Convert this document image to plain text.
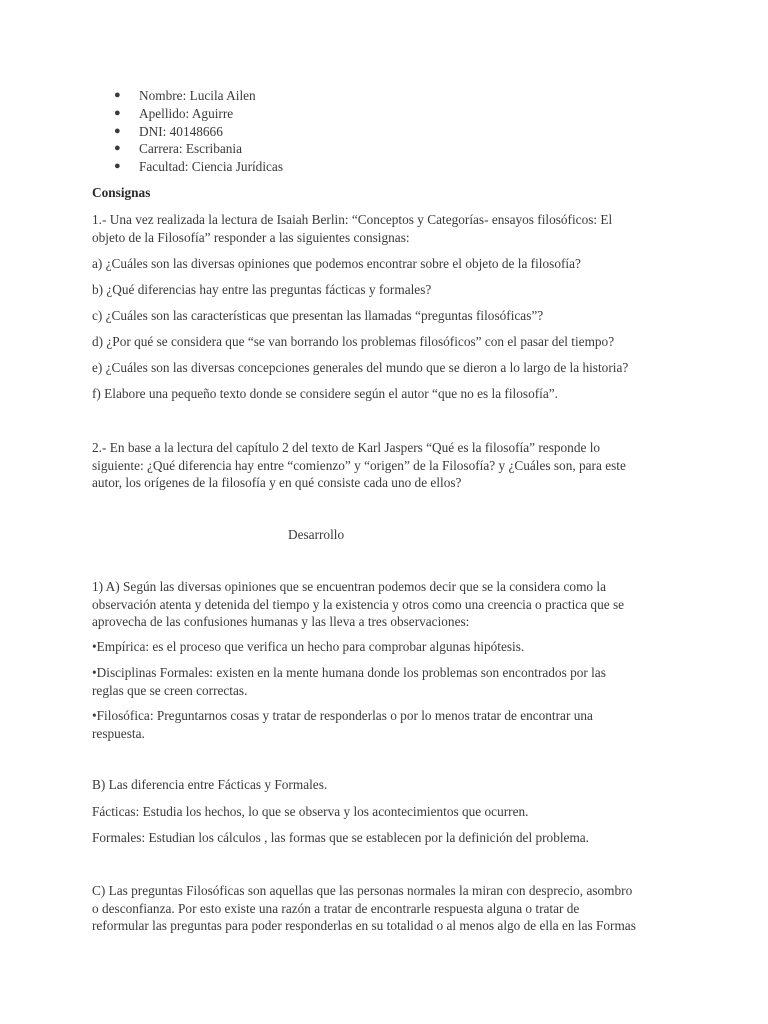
● Nombre: Lucila Ailen
● Apellido: Aguirre
● DNI: 40148666
● Carrera: Escribania
● Facultad: Ciencia Jurídicas

Consignas

1.- Una vez realizada la lectura de Isaiah Berlin: “Conceptos y Categorías- ensayos filosóficos: El
objeto de la Filosofía” responder a las siguientes consignas:

a) ¿Cuáles son las diversas opiniones que podemos encontrar sobre el objeto de la filosofía?

b) ¿Qué diferencias hay entre las preguntas fácticas y formales?

c) ¿Cuáles son las características que presentan las llamadas “preguntas filosóficas”?

d) ¿Por qué se considera que “se van borrando los problemas filosóficos” con el pasar del tiempo?

e) ¿Cuáles son las diversas concepciones generales del mundo que se dieron a lo largo de la historia?

f) Elabore una pequeño texto donde se considere según el autor “que no es la filosofía”.

2.- En base a la lectura del capítulo 2 del texto de Karl Jaspers “Qué es la filosofía” responde lo
siguiente: ¿Qué diferencia hay entre “comienzo” y “origen” de la Filosofía? y ¿Cuáles son, para este
autor, los orígenes de la filosofía y en qué consiste cada uno de ellos?

Desarrollo

1) A) Según las diversas opiniones que se encuentran podemos decir que se la considera como la
observación atenta y detenida del tiempo y la existencia y otros como una creencia o practica que se
aprovecha de las confusiones humanas y las lleva a tres observaciones:

•Empírica: es el proceso que verifica un hecho para comprobar algunas hipótesis.

•Disciplinas Formales: existen en la mente humana donde los problemas son encontrados por las
reglas que se creen correctas.
•Filosófica: Preguntarnos cosas y tratar de responderlas o por lo menos tratar de encontrar una
respuesta.

B) Las diferencia entre Fácticas y Formales.

Fácticas: Estudia los hechos, lo que se observa y los acontecimientos que ocurren.

Formales: Estudian los cálculos , las formas que se establecen por la definición del problema.

C) Las preguntas Filosóficas son aquellas que las personas normales la miran con desprecio, asombro
o desconfianza. Por esto existe una razón a tratar de encontrarle respuesta alguna o tratar de
reformular las preguntas para poder responderlas en su totalidad o al menos algo de ella en las Formas
